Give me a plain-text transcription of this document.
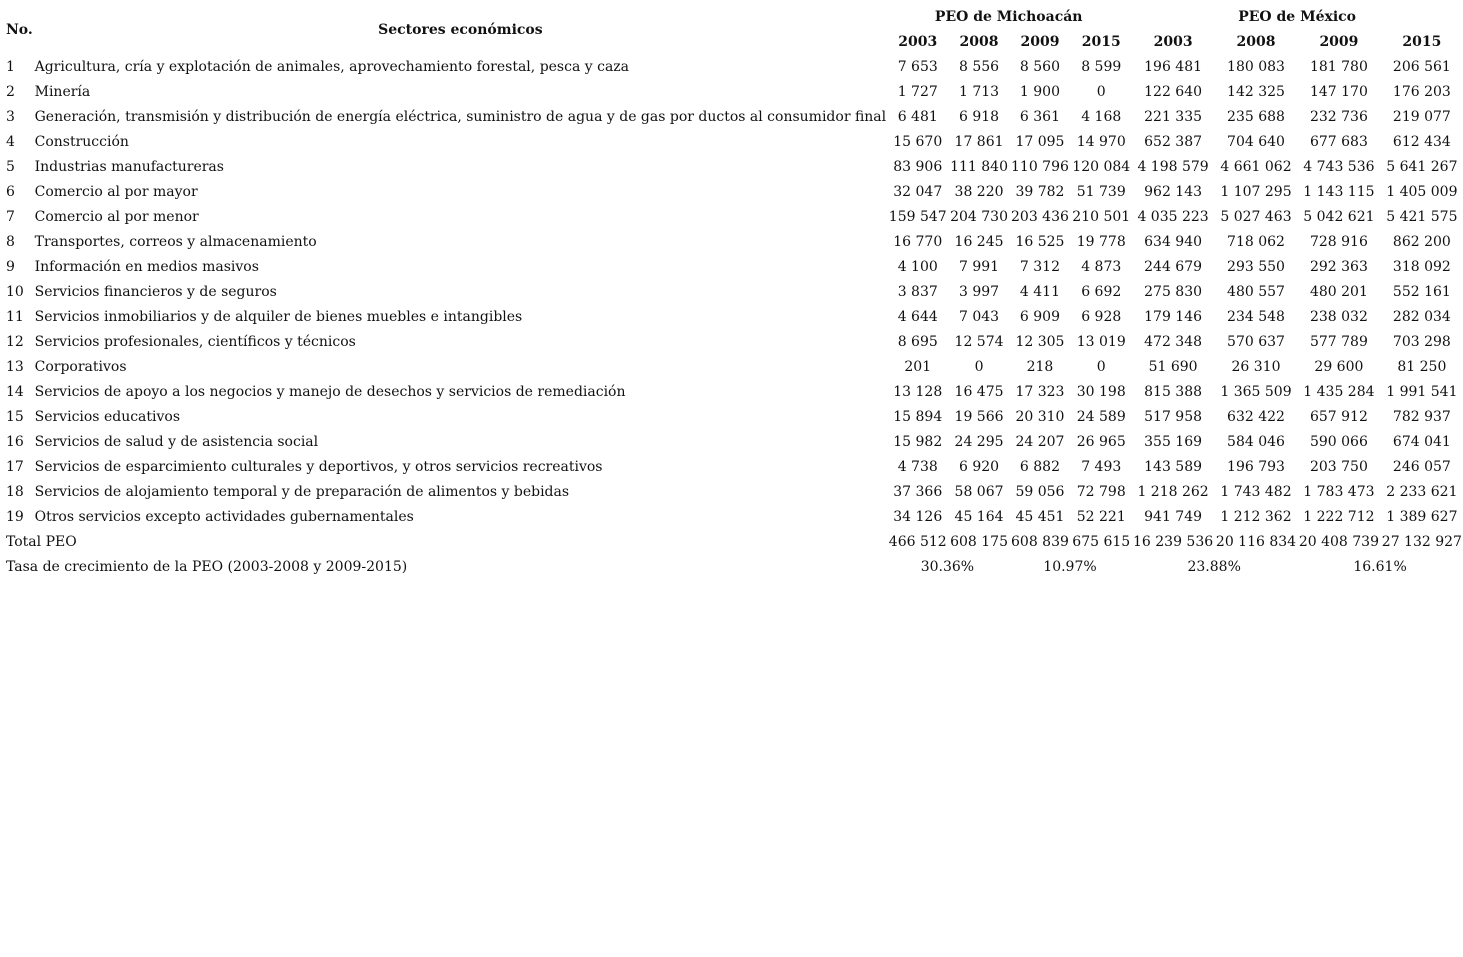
No.	Sectores económicos	PEO de Michoacán				PEO de México			
		2003	2008	2009	2015	2003	2008	2009	2015
1	Agricultura, cría y explotación de animales, aprovechamiento forestal, pesca y caza	7 653	8 556	8 560	8 599	196 481	180 083	181 780	206 561
2	Minería	1 727	1 713	1 900	0	122 640	142 325	147 170	176 203
3	Generación, transmisión y distribución de energía eléctrica, suministro de agua y de gas por ductos al consumidor final	6 481	6 918	6 361	4 168	221 335	235 688	232 736	219 077
4	Construcción	15 670	17 861	17 095	14 970	652 387	704 640	677 683	612 434
5	Industrias manufactureras	83 906	111 840	110 796	120 084	4 198 579	4 661 062	4 743 536	5 641 267
6	Comercio al por mayor	32 047	38 220	39 782	51 739	962 143	1 107 295	1 143 115	1 405 009
7	Comercio al por menor	159 547	204 730	203 436	210 501	4 035 223	5 027 463	5 042 621	5 421 575
8	Transportes, correos y almacenamiento	16 770	16 245	16 525	19 778	634 940	718 062	728 916	862 200
9	Información en medios masivos	4 100	7 991	7 312	4 873	244 679	293 550	292 363	318 092
10	Servicios financieros y de seguros	3 837	3 997	4 411	6 692	275 830	480 557	480 201	552 161
11	Servicios inmobiliarios y de alquiler de bienes muebles e intangibles	4 644	7 043	6 909	6 928	179 146	234 548	238 032	282 034
12	Servicios profesionales, científicos y técnicos	8 695	12 574	12 305	13 019	472 348	570 637	577 789	703 298
13	Corporativos	201	0	218	0	51 690	26 310	29 600	81 250
14	Servicios de apoyo a los negocios y manejo de desechos y servicios de remediación	13 128	16 475	17 323	30 198	815 388	1 365 509	1 435 284	1 991 541
15	Servicios educativos	15 894	19 566	20 310	24 589	517 958	632 422	657 912	782 937
16	Servicios de salud y de asistencia social	15 982	24 295	24 207	26 965	355 169	584 046	590 066	674 041
17	Servicios de esparcimiento culturales y deportivos, y otros servicios recreativos	4 738	6 920	6 882	7 493	143 589	196 793	203 750	246 057
18	Servicios de alojamiento temporal y de preparación de alimentos y bebidas	37 366	58 067	59 056	72 798	1 218 262	1 743 482	1 783 473	2 233 621
19	Otros servicios excepto actividades gubernamentales	34 126	45 164	45 451	52 221	941 749	1 212 362	1 222 712	1 389 627
Total PEO		466 512	608 175	608 839	675 615	16 239 536	20 116 834	20 408 739	27 132 927
Tasa de crecimiento de la PEO (2003-2008 y 2009-2015)		30.36%		10.97%		23.88%		16.61%	
